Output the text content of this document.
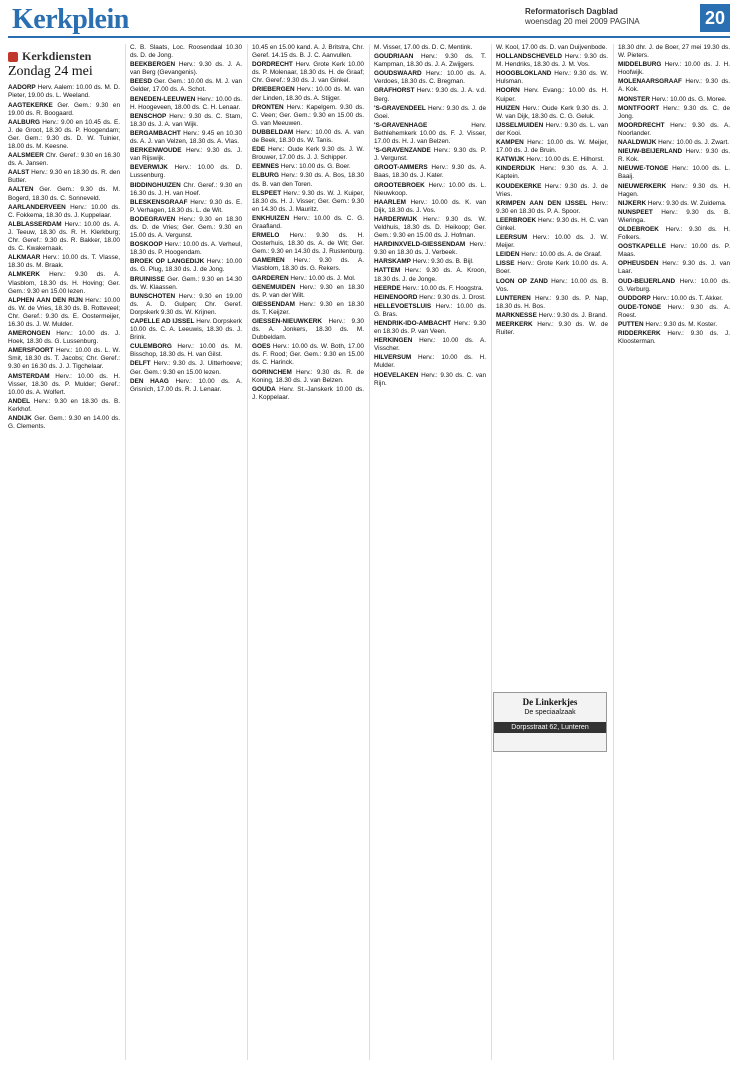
Kerkplein	Reformatorisch Dagblad
woensdag 20 mei 2009 PAGINA	20
Kerkdiensten
Zondag 24 mei

AADORP Herv. Aalem: 10.00 ds. M. D. Pieter, 19.00 ds. L. Weeland.

AAGTEKERKE Ger. Gem.: 9.30 en 19.00 ds. R. Boogaard.

AALBURG Herv.: 9.00 en 10.45 ds. E. J. de Groot, 18.30 ds. P. Hoogendam; Ger. Gem.: 9.30 ds. D. W. Tuinier, 18.00 ds. M. Keesne.

AALSMEER Chr. Geref.: 9.30 en 16.30 ds. A. Jansen.

AALST Herv.: 9.30 en 18.30 ds. R. den Butter.

AALTEN Ger. Gem.: 9.30 ds. M. Bogerd, 18.30 ds. C. Sonneveld.

AARLANDERVEEN Herv.: 10.00 ds. C. Fokkema, 18.30 ds. J. Kuppelaar.

ALBLASSERDAM Herv.: 10.00 ds. A. J. Teeuw, 18.30 ds. R. H. Klerkburg; Chr. Geref.: 9.30 ds. R. Bakker, 18.00 ds. C. Kwakernaak.

ALKMAAR Herv.: 10.00 ds. T. Vlasse, 18.30 ds. M. Braak.

ALMKERK Herv.: 9.30 ds. A. Vlasblom, 18.30 ds. H. Hoving; Ger. Gem.: 9.30 en 15.00 lezen.

ALPHEN AAN DEN RIJN Herv.: 10.00 ds. W. de Vries, 18.30 ds. B. Rotteveel; Chr. Geref.: 9.30 ds. E. Oostermeijer, 16.30 ds. J. W. Mulder.

AMERONGEN Herv.: 10.00 ds. J. Hoek, 18.30 ds. G. Lussenburg.

AMERSFOORT Herv.: 10.00 ds. L. W. Smit, 18.30 ds. T. Jacobs; Chr. Geref.: 9.30 en 16.30 ds. J. J. Tigchelaar.

AMSTERDAM Herv.: 10.00 ds. H. Visser, 18.30 ds. P. Mulder; Geref.: 10.00 ds. A. Wolfert.

ANDEL Herv.: 9.30 en 18.30 ds. B. Kerkhof.

ANDIJK Ger. Gem.: 9.30 en 14.00 ds. G. Clements.

C. B. Slaats, Loc. Roosendaal 10.30 ds. D. de Jong.

BEEKBERGEN Herv.: 9.30 ds. J. A. van Berg (Gevangenis).

BEESD Ger. Gem.: 10.00 ds. M. J. van Gelder, 17.00 ds. A. Schot.

BENEDEN-LEEUWEN Herv.: 10.00 ds. H. Hoogeveen, 18.00 ds. C. H. Lenaar.

BENSCHOP Herv.: 9.30 ds. C. Stam, 18.30 ds. J. A. van Wijk.

BERGAMBACHT Herv.: 9.45 en 10.30 ds. A. J. van Velzen, 18.30 ds. A. Vlas.

BERKENWOUDE Herv.: 9.30 ds. J. van Rijswijk.

BEVERWIJK Herv.: 10.00 ds. D. Lussenburg.

BIDDINGHUIZEN Chr. Geref.: 9.30 en 16.30 ds. J. H. van Hoef.

BLESKENSGRAAF Herv.: 9.30 ds. E. P. Verhagen, 18.30 ds. L. de Wit.

BODEGRAVEN Herv.: 9.30 en 18.30 ds. D. de Vries; Ger. Gem.: 9.30 en 15.00 ds. A. Vergunst.

BOSKOOP Herv.: 10.00 ds. A. Verheul, 18.30 ds. P. Hoogendam.

BROEK OP LANGEDIJK Herv.: 10.00 ds. G. Plug, 18.30 ds. J. de Jong.

BRUINISSE Ger. Gem.: 9.30 en 14.30 ds. W. Klaassen.

BUNSCHOTEN Herv.: 9.30 en 19.00 ds. A. D. Gulpen; Chr. Geref. Dorpskerk 9.30 ds. W. Krijnen.

CAPELLE AD IJSSEL Herv. Dorpskerk 10.00 ds. C. A. Leeuwis, 18.30 ds. J. Brink.

CULEMBORG Herv.: 10.00 ds. M. Bisschop, 18.30 ds. H. van Gilst.

DELFT Herv.: 9.30 ds. J. Uitterhoeve; Ger. Gem.: 9.30 en 15.00 lezen.

DEN HAAG Herv.: 10.00 ds. A. Grisnich, 17.00 ds. R. J. Lenaar.

10.45 en 15.00 kand. A. J. Britstra, Chr. Geref. 14.15 ds. B. J. C. Aanvullen.

DORDRECHT Herv. Grote Kerk 10.00 ds. P. Molenaar, 18.30 ds. H. de Graaf; Chr. Geref.: 9.30 ds. J. van Ginkel.

DRIEBERGEN Herv.: 10.00 ds. M. van der Linden, 18.30 ds. A. Stijger.

DRONTEN Herv.: Kapelgem. 9.30 ds. C. Veen; Ger. Gem.: 9.30 en 15.00 ds. G. van Meeuwen.

DUBBELDAM Herv.: 10.00 ds. A. van de Beek, 18.30 ds. W. Tanis.

EDE Herv.: Oude Kerk 9.30 ds. J. W. Brouwer, 17.00 ds. J. J. Schipper.

EEMNES Herv.: 10.00 ds. G. Boer.

ELBURG Herv.: 9.30 ds. A. Bos, 18.30 ds. B. van den Toren.

ELSPEET Herv.: 9.30 ds. W. J. Kuiper, 18.30 ds. H. J. Visser; Ger. Gem.: 9.30 en 14.30 ds. J. Mauritz.

ENKHUIZEN Herv.: 10.00 ds. C. G. Graafland.

ERMELO Herv.: 9.30 ds. H. Oosterhuis, 18.30 ds. A. de Wit; Ger. Gem.: 9.30 en 14.30 ds. J. Rustenburg.

GAMEREN Herv.: 9.30 ds. A. Vlasblom, 18.30 ds. G. Rekers.

GARDEREN Herv.: 10.00 ds. J. Mol.

GENEMUIDEN Herv.: 9.30 en 18.30 ds. P. van der Wilt.

GIESSENDAM Herv.: 9.30 en 18.30 ds. T. Keijzer.

GIESSEN-NIEUWKERK Herv.: 9.30 ds. A. Jonkers, 18.30 ds. M. Dubbeldam.

GOES Herv.: 10.00 ds. W. Both, 17.00 ds. F. Rood; Ger. Gem.: 9.30 en 15.00 ds. C. Harinck.

GORINCHEM Herv.: 9.30 ds. R. de Koning, 18.30 ds. J. van Belzen.

GOUDA Herv. St.-Janskerk 10.00 ds. J. Koppelaar.

M. Visser, 17.00 ds. D. C. Mentink.

GOUDRIAAN Herv.: 9.30 ds. T. Kampman, 18.30 ds. J. A. Zwijgers.

GOUDSWAARD Herv.: 10.00 ds. A. Verdoes, 18.30 ds. C. Bregman.

GRAFHORST Herv.: 9.30 ds. J. A. v.d. Berg.

'S-GRAVENDEEL Herv.: 9.30 ds. J. de Goei.

'S-GRAVENHAGE	Herv. Bethlehemkerk 10.00 ds. F. J. Visser, 17.00 ds. H. J. van Belzen.

'S-GRAVENZANDE Herv.: 9.30 ds. P. J. Vergunst.

GROOT-AMMERS Herv.: 9.30 ds. A. Baas, 18.30 ds. J. Kater.

GROOTEBROEK Herv.: 10.00 ds. L. Nieuwkoop.

HAARLEM Herv.: 10.00 ds. K. van Dijk, 18.30 ds. J. Vos.

HARDERWIJK Herv.: 9.30 ds. W. Veldhuis, 18.30 ds. D. Heikoop; Ger. Gem.: 9.30 en 15.00 ds. J. Hofman.

HARDINXVELD-GIESSENDAM Herv.: 9.30 en 18.30 ds. J. Verbeek.

HARSKAMP Herv.: 9.30 ds. B. Bijl.

HATTEM Herv.: 9.30 ds. A. Kroon, 18.30 ds. J. de Jonge.

HEERDE Herv.: 10.00 ds. F. Hoogstra.

HEINENOORD Herv.: 9.30 ds. J. Drost.

HELLEVOETSLUIS Herv.: 10.00 ds. G. Bras.

HENDRIK-IDO-AMBACHT Herv.: 9.30 en 18.30 ds. P. van Veen.

HERKINGEN Herv.: 10.00 ds. A. Visscher.

HILVERSUM Herv.: 10.00 ds. H. Mulder.

HOEVELAKEN Herv.: 9.30 ds. C. van Rijn.

W. Kool, 17.00 ds. D. van Duijvenbode.

HOLLANDSCHEVELD Herv.: 9.30 ds. M. Hendriks, 18.30 ds. J. M. Vos.

HOOGBLOKLAND Herv.: 9.30 ds. W. Hulsman.

HOORN Herv. Evang.: 10.00 ds. H. Kuiper.

HUIZEN Herv.: Oude Kerk 9.30 ds. J. W. van Dijk, 18.30 ds. C. G. Geluk.

IJSSELMUIDEN Herv.: 9.30 ds. L. van der Kooi.

KAMPEN Herv.: 10.00 ds. W. Meijer, 17.00 ds. J. de Bruin.

KATWIJK Herv.: 10.00 ds. E. Hilhorst.

KINDERDIJK Herv.: 9.30 ds. A. J. Kaptein.

KOUDEKERKE Herv.: 9.30 ds. J. de Vries.

KRIMPEN AAN DEN IJSSEL Herv.: 9.30 en 18.30 ds. P. A. Spoor.

LEERBROEK Herv.: 9.30 ds. H. C. van Ginkel.

LEERSUM Herv.: 10.00 ds. J. W. Meijer.

LEIDEN Herv.: 10.00 ds. A. de Graaf.

LISSE Herv.: Grote Kerk 10.00 ds. A. Boer.

LOON OP ZAND Herv.: 10.00 ds. B. Vos.

LUNTEREN Herv.: 9.30 ds. P. Nap, 18.30 ds. H. Bos.

MARKNESSE Herv.: 9.30 ds. J. Brand.

MEERKERK Herv.: 9.30 ds. W. de Ruiter.

18.30 dhr. J. de Boer, 27 mei 19.30 ds. W. Pieters.

MIDDELBURG Herv.: 10.00 ds. J. H. Hoofwijk.

MOLENAARSGRAAF Herv.: 9.30 ds. A. Kok.

MONSTER Herv.: 10.00 ds. G. Moree.

MONTFOORT Herv.: 9.30 ds. C. de Jong.

MOORDRECHT Herv.: 9.30 ds. A. Noorlander.

NAALDWIJK Herv.: 10.00 ds. J. Zwart.

NIEUW-BEIJERLAND Herv.: 9.30 ds. R. Kok.

NIEUWE-TONGE Herv.: 10.00 ds. L. Baaij.

NIEUWERKERK Herv.: 9.30 ds. H. Hagen.

NIJKERK Herv.: 9.30 ds. W. Zuidema.

NUNSPEET Herv.: 9.30 ds. B. Wieringa.

OLDEBROEK Herv.: 9.30 ds. H. Folkers.

OOSTKAPELLE Herv.: 10.00 ds. P. Maas.

OPHEUSDEN Herv.: 9.30 ds. J. van Laar.

OUD-BEIJERLAND Herv.: 10.00 ds. G. Verburg.

OUDDORP Herv.: 10.00 ds. T. Akker.

OUDE-TONGE Herv.: 9.30 ds. A. Roest.

PUTTEN Herv.: 9.30 ds. M. Koster.

RIDDERKERK Herv.: 9.30 ds. J. Kloosterman.

De Linkerkjes
De speciaalzaak
Dorpsstraat 62, Lunteren
